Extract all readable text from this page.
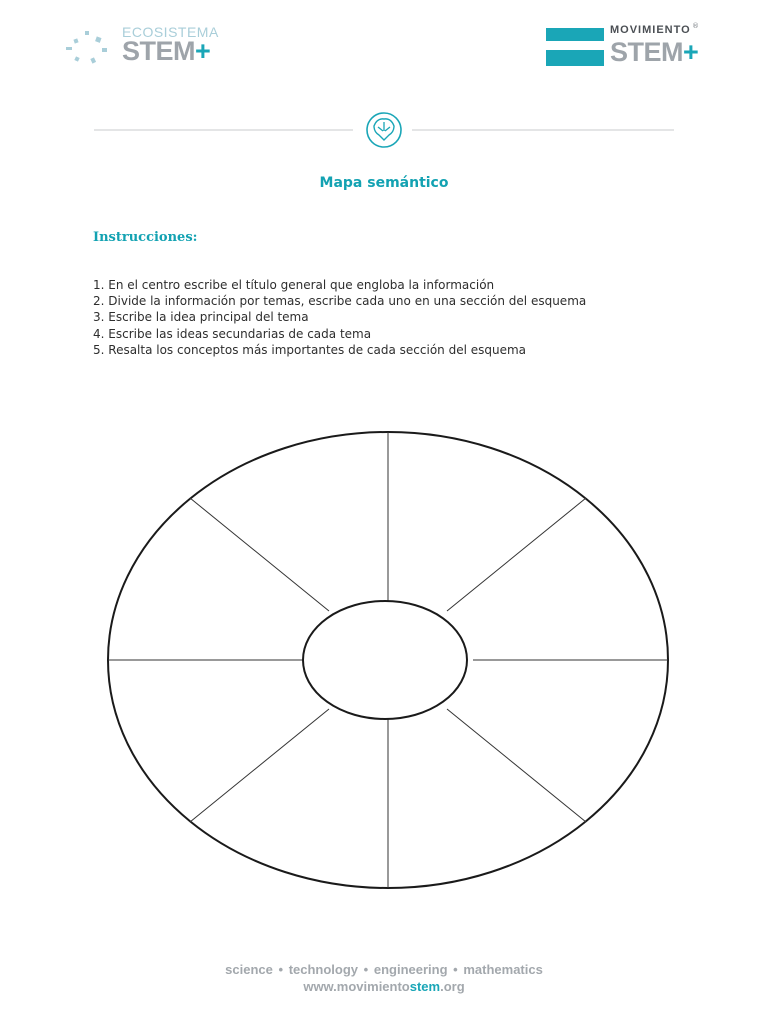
ECOSISTEMA
STEM+
MOVIMIENTO ®
STEM+
Mapa semántico
Instrucciones:
1. En el centro escribe el título general que engloba la información
2. Divide la información por temas, escribe cada uno en una sección del esquema
3. Escribe la idea principal del tema
4. Escribe las ideas secundarias de cada tema
5. Resalta los conceptos más importantes de cada sección del esquema
science • technology • engineering • mathematics
www.movimientostem.org
